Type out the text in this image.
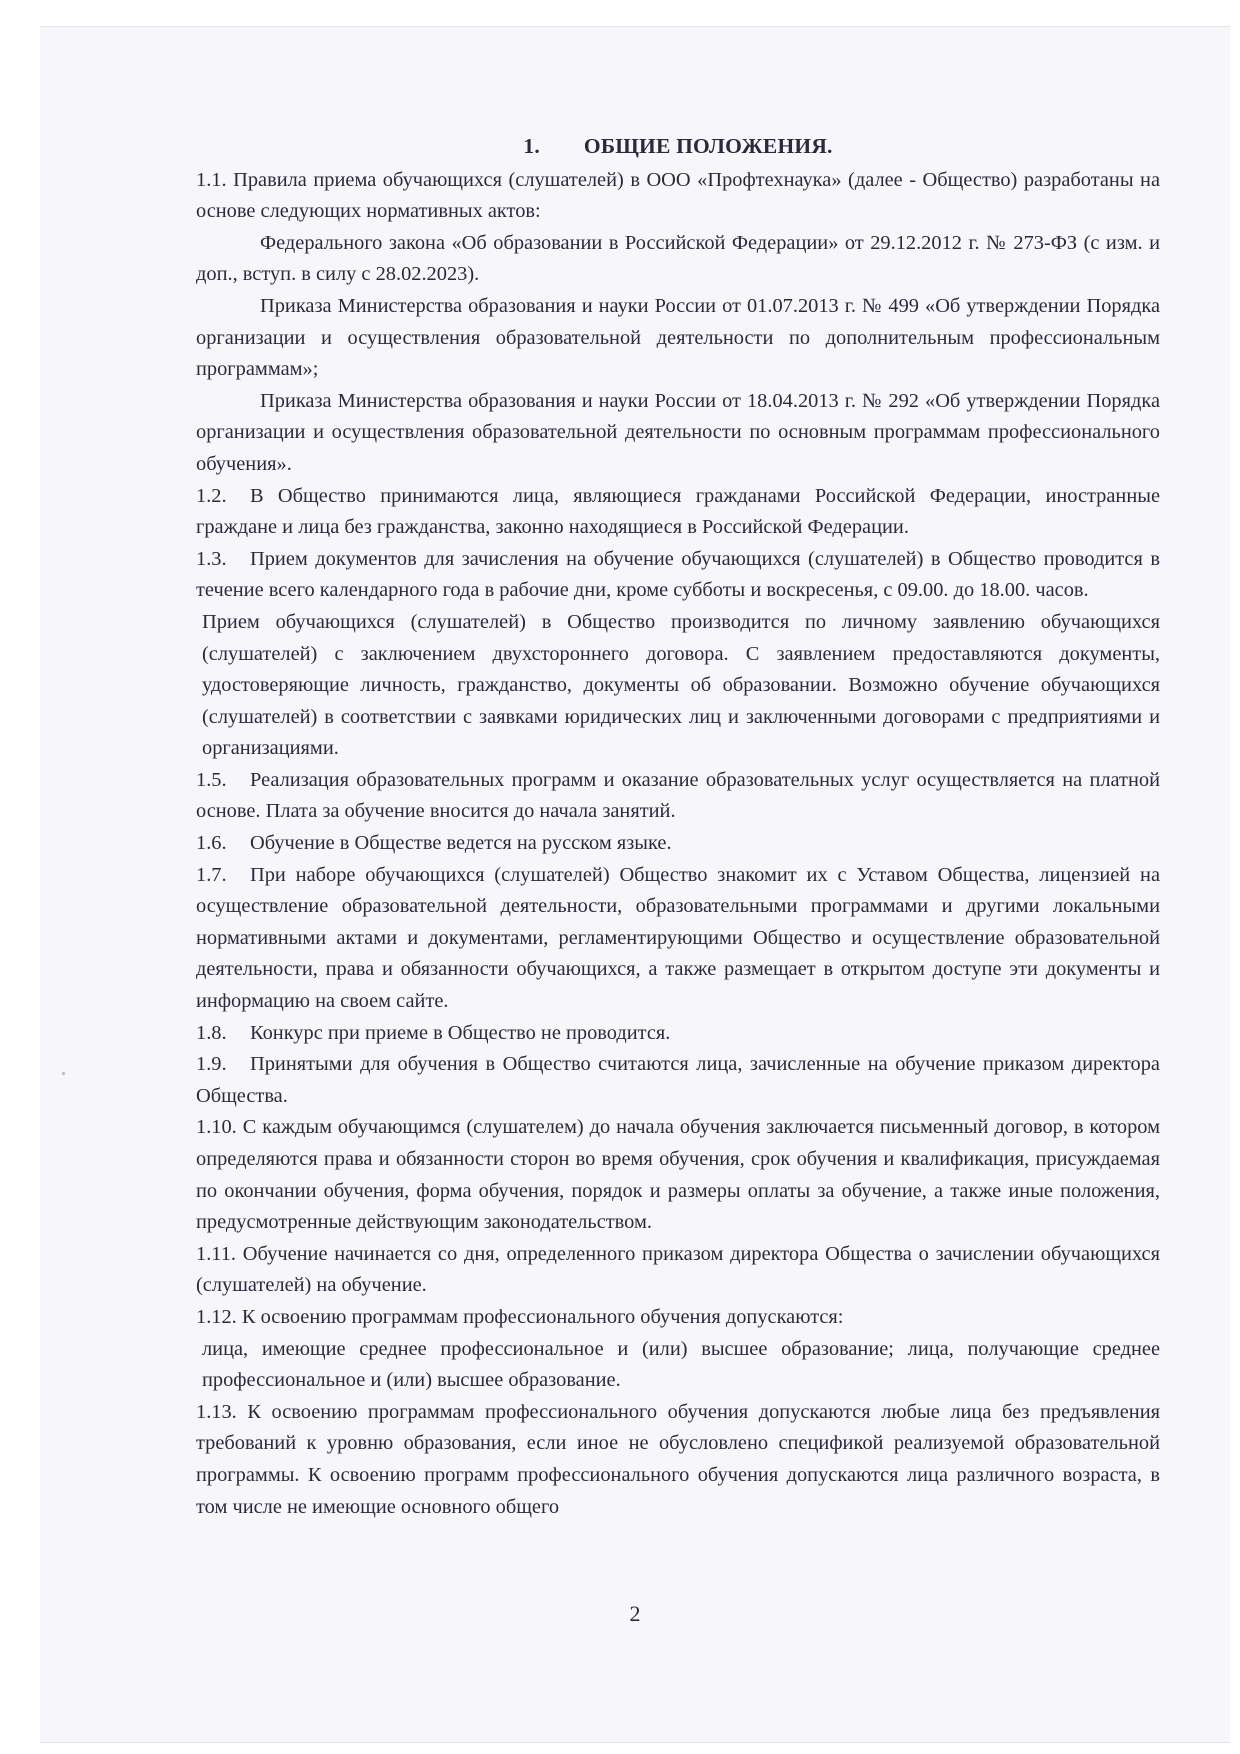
1. ОБЩИЕ ПОЛОЖЕНИЯ.

1.1. Правила приема обучающихся (слушателей) в ООО «Профтехнаука» (далее - Общество) разработаны на основе следующих нормативных актов:

Федерального закона «Об образовании в Российской Федерации» от 29.12.2012 г. № 273-ФЗ (с изм. и доп., вступ. в силу с 28.02.2023).

Приказа Министерства образования и науки России от 01.07.2013 г. № 499 «Об утверждении Порядка организации и осуществления образовательной деятельности по дополнительным профессиональным программам»;

Приказа Министерства образования и науки России от 18.04.2013 г. № 292 «Об утверждении Порядка организации и осуществления образовательной деятельности по основным программам профессионального обучения».

1.2. В Общество принимаются лица, являющиеся гражданами Российской Федерации, иностранные граждане и лица без гражданства, законно находящиеся в Российской Федерации.

1.3. Прием документов для зачисления на обучение обучающихся (слушателей) в Общество проводится в течение всего календарного года в рабочие дни, кроме субботы и воскресенья, с 09.00. до 18.00. часов.

Прием обучающихся (слушателей) в Общество производится по личному заявлению обучающихся (слушателей) с заключением двухстороннего договора. С заявлением предоставляются документы, удостоверяющие личность, гражданство, документы об образовании. Возможно обучение обучающихся (слушателей) в соответствии с заявками юридических лиц и заключенными договорами с предприятиями и организациями.

1.5. Реализация образовательных программ и оказание образовательных услуг осуществляется на платной основе. Плата за обучение вносится до начала занятий.

1.6. Обучение в Обществе ведется на русском языке.

1.7. При наборе обучающихся (слушателей) Общество знакомит их с Уставом Общества, лицензией на осуществление образовательной деятельности, образовательными программами и другими локальными нормативными актами и документами, регламентирующими Общество и осуществление образовательной деятельности, права и обязанности обучающихся, а также размещает в открытом доступе эти документы и информацию на своем сайте.

1.8. Конкурс при приеме в Общество не проводится.

1.9. Принятыми для обучения в Общество считаются лица, зачисленные на обучение приказом директора Общества.

1.10. С каждым обучающимся (слушателем) до начала обучения заключается письменный договор, в котором определяются права и обязанности сторон во время обучения, срок обучения и квалификация, присуждаемая по окончании обучения, форма обучения, порядок и размеры оплаты за обучение, а также иные положения, предусмотренные действующим законодательством.

1.11. Обучение начинается со дня, определенного приказом директора Общества о зачислении обучающихся (слушателей) на обучение.

1.12. К освоению программам профессионального обучения допускаются:

лица, имеющие среднее профессиональное и (или) высшее образование; лица, получающие среднее профессиональное и (или) высшее образование.

1.13. К освоению программам профессионального обучения допускаются любые лица без предъявления требований к уровню образования, если иное не обусловлено спецификой реализуемой образовательной программы. К освоению программ профессионального обучения допускаются лица различного возраста, в том числе не имеющие основного общего

2
